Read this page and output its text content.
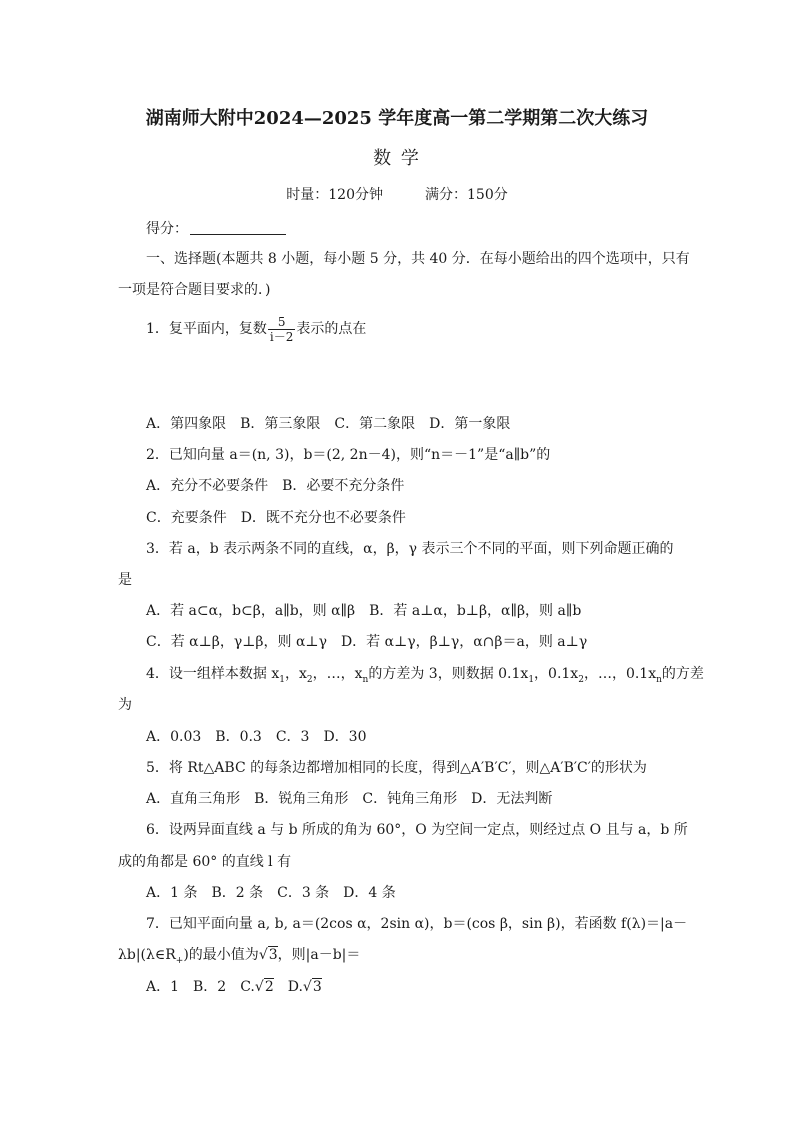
湖南师大附中2024—2025 学年度高一第二学期第二次大练习
数 学
时量：120分钟	满分：150分
得分：
一、选择题(本题共 8 小题，每小题 5 分，共 40 分．在每小题给出的四个选项中，只有
一项是符合题目要求的．)
1．复平面内，复数 $\frac{5}{i-2}$ 表示的点在
A．第四象限　B．第三象限　C．第二象限　D．第一象限
2．已知向量 a＝(n, 3)，b＝(2, 2n－4)，则“n＝－1”是“a∥b”的
A．充分不必要条件　B．必要不充分条件
C．充要条件　D．既不充分也不必要条件
3．若 a，b 表示两条不同的直线，α，β，γ 表示三个不同的平面，则下列命题正确的
是
A．若 a⊂α，b⊂β，a∥b，则 α∥β　B．若 a⊥α，b⊥β，α∥β，则 a∥b
C．若 α⊥β，γ⊥β，则 α⊥γ　D．若 α⊥γ，β⊥γ，α∩β＝a，则 a⊥γ
4．设一组样本数据 $x_1$，$x_2$，…，$x_n$的方差为 3，则数据 $0.1x_1$，$0.1x_2$，…，$0.1x_n$的方差
为
A．0.03　B．0.3　C．3　D．30
5．将 Rt△ABC 的每条边都增加相同的长度，得到△A′B′C′，则△A′B′C′的形状为
A．直角三角形　B．锐角三角形　C．钝角三角形　D．无法判断
6．设两异面直线 a 与 b 所成的角为 60°，O 为空间一定点，则经过点 O 且与 a，b 所
成的角都是 60° 的直线 l 有
A．1 条　B．2 条　C．3 条　D．4 条
7．已知平面向量 a, b, a＝(2cos α，2sin α)，b＝(cos β，sin β)，若函数 f(λ)＝|a－
$\lambda b|(\lambda\in R_+)$的最小值为√3，则|a－b|＝
A．1　B．2　C.√2　D.√3
